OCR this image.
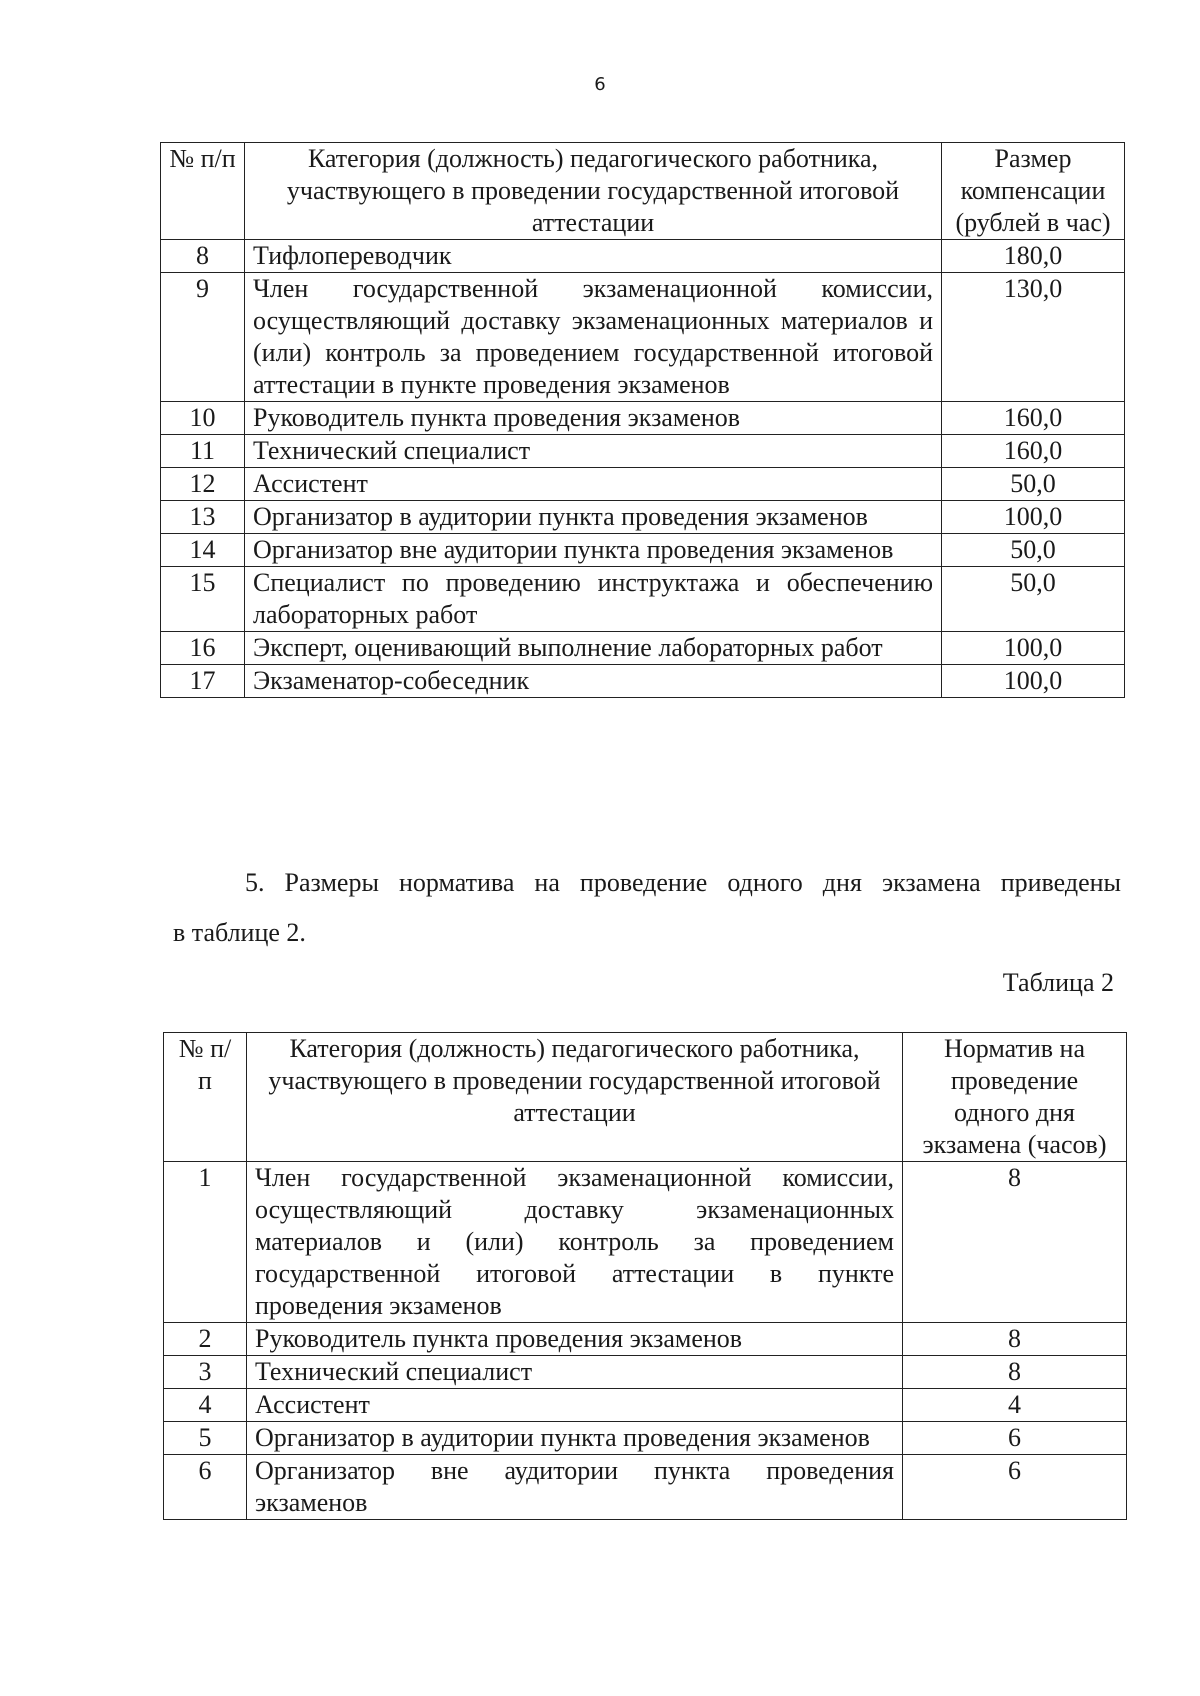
6
№ п/п	Категория (должность) педагогического работника, участвующего в проведении государственной итоговой аттестации	Размер компенсации (рублей в час)
8	Тифлопереводчик	180,0
9	Член государственной экзаменационной комиссии, осуществляющий доставку экзаменационных материалов и (или) контроль за проведением государственной итоговой аттестации в пункте проведения экзаменов	130,0
10	Руководитель пункта проведения экзаменов	160,0
11	Технический специалист	160,0
12	Ассистент	50,0
13	Организатор в аудитории пункта проведения экзаменов	100,0
14	Организатор вне аудитории пункта проведения экзаменов	50,0
15	Специалист по проведению инструктажа и обеспечению лабораторных работ	50,0
16	Эксперт, оценивающий выполнение лабораторных работ	100,0
17	Экзаменатор-собеседник	100,0
5. Размеры норматива на проведение одного дня экзамена приведены
в таблице 2.
Таблица 2
№ п/п	Категория (должность) педагогического работника, участвующего в проведении государственной итоговой аттестации	Норматив на проведение одного дня экзамена (часов)
1	Член государственной экзаменационной комиссии, осуществляющий доставку экзаменационных материалов и (или) контроль за проведением государственной итоговой аттестации в пункте проведения экзаменов	8
2	Руководитель пункта проведения экзаменов	8
3	Технический специалист	8
4	Ассистент	4
5	Организатор в аудитории пункта проведения экзаменов	6
6	Организатор вне аудитории пункта проведения экзаменов	6
